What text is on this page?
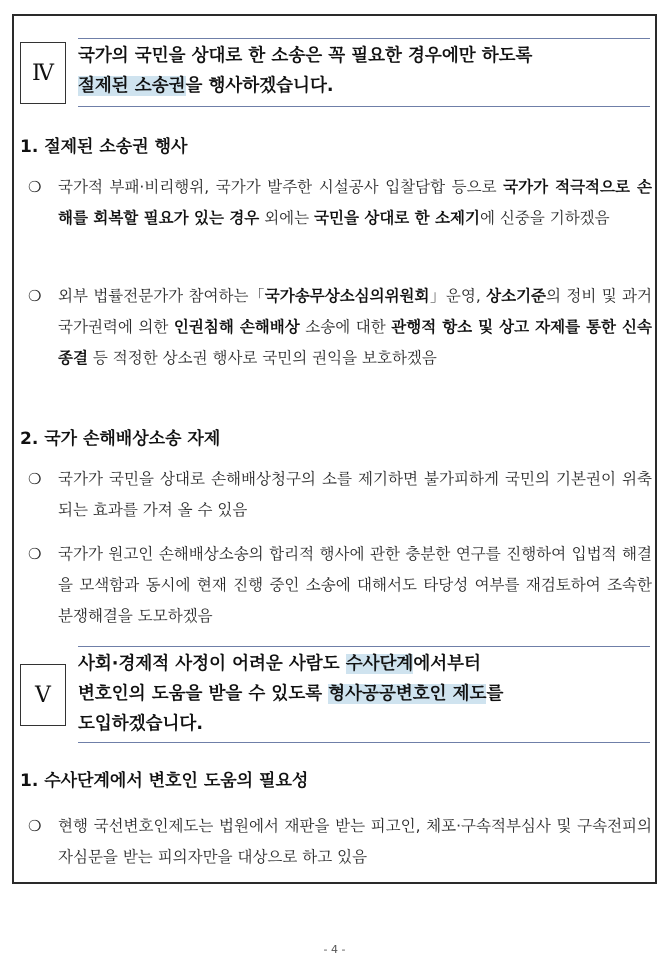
Ⅳ
국가의 국민을 상대로 한 소송은 꼭 필요한 경우에만 하도록
절제된 소송권을 행사하겠습니다.
1. 절제된 소송권 행사
❍ 국가적 부패·비리행위, 국가가 발주한 시설공사 입찰담합 등으로 국가가 적극적으로 손해를 회복할 필요가 있는 경우 외에는 국민을 상대로 한 소제기에 신중을 기하겠음
❍ 외부 법률전문가가 참여하는「국가송무상소심의위원회」운영, 상소기준의 정비 및 과거 국가권력에 의한 인권침해 손해배상 소송에 대한 관행적 항소 및 상고 자제를 통한 신속 종결 등 적정한 상소권 행사로 국민의 권익을 보호하겠음
2. 국가 손해배상소송 자제
❍ 국가가 국민을 상대로 손해배상청구의 소를 제기하면 불가피하게 국민의 기본권이 위축되는 효과를 가져 올 수 있음
❍ 국가가 원고인 손해배상소송의 합리적 행사에 관한 충분한 연구를 진행하여 입법적 해결을 모색함과 동시에 현재 진행 중인 소송에 대해서도 타당성 여부를 재검토하여 조속한 분쟁해결을 도모하겠음
Ⅴ
사회·경제적 사정이 어려운 사람도 수사단계에서부터
변호인의 도움을 받을 수 있도록 형사공공변호인 제도를
도입하겠습니다.
1. 수사단계에서 변호인 도움의 필요성
❍ 현행 국선변호인제도는 법원에서 재판을 받는 피고인, 체포·구속적부심사 및 구속전피의자심문을 받는 피의자만을 대상으로 하고 있음
- 4 -
